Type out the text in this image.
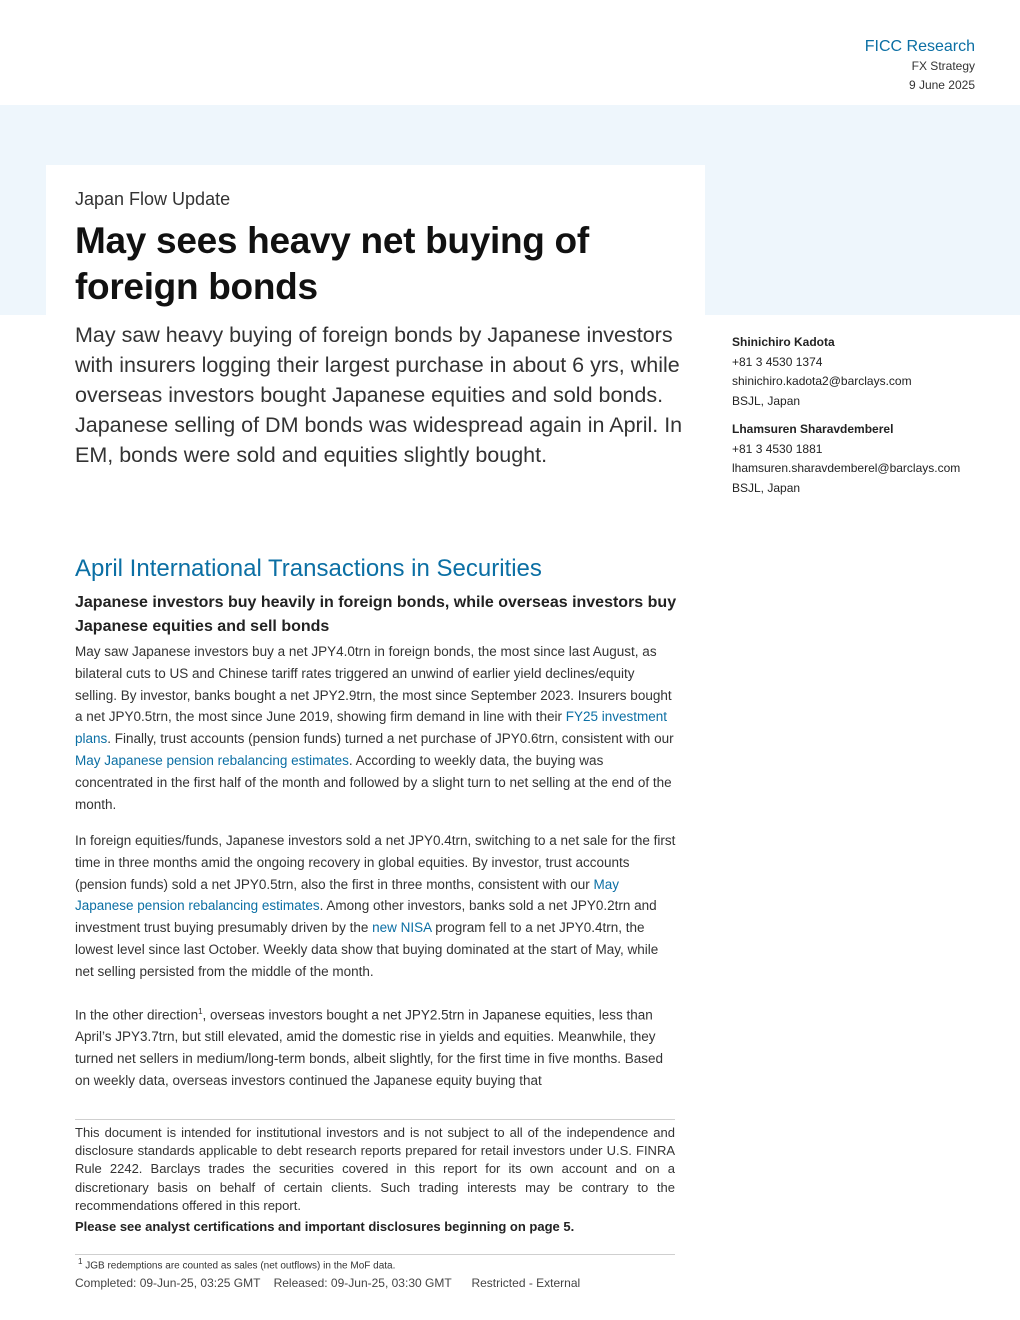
FICC Research
FX Strategy
9 June 2025
Japan Flow Update
May sees heavy net buying of foreign bonds

May saw heavy buying of foreign bonds by Japanese investors with insurers logging their largest purchase in about 6 yrs, while overseas investors bought Japanese equities and sold bonds. Japanese selling of DM bonds was widespread again in April. In EM, bonds were sold and equities slightly bought.

Shinichiro Kadota
+81 3 4530 1374
shinichiro.kadota2@barclays.com
BSJL, Japan
Lhamsuren Sharavdemberel
+81 3 4530 1881
lhamsuren.sharavdemberel@barclays.com
BSJL, Japan
April International Transactions in Securities
Japanese investors buy heavily in foreign bonds, while overseas investors buy Japanese equities and sell bonds

May saw Japanese investors buy a net JPY4.0trn in foreign bonds, the most since last August, as bilateral cuts to US and Chinese tariff rates triggered an unwind of earlier yield declines/equity selling. By investor, banks bought a net JPY2.9trn, the most since September 2023. Insurers bought a net JPY0.5trn, the most since June 2019, showing firm demand in line with their FY25 investment plans. Finally, trust accounts (pension funds) turned a net purchase of JPY0.6trn, consistent with our May Japanese pension rebalancing estimates. According to weekly data, the buying was concentrated in the first half of the month and followed by a slight turn to net selling at the end of the month.

In foreign equities/funds, Japanese investors sold a net JPY0.4trn, switching to a net sale for the first time in three months amid the ongoing recovery in global equities. By investor, trust accounts (pension funds) sold a net JPY0.5trn, also the first in three months, consistent with our May Japanese pension rebalancing estimates. Among other investors, banks sold a net JPY0.2trn and investment trust buying presumably driven by the new NISA program fell to a net JPY0.4trn, the lowest level since last October. Weekly data show that buying dominated at the start of May, while net selling persisted from the middle of the month.

In the other direction$^1$, overseas investors bought a net JPY2.5trn in Japanese equities, less than April’s JPY3.7trn, but still elevated, amid the domestic rise in yields and equities. Meanwhile, they turned net sellers in medium/long-term bonds, albeit slightly, for the first time in five months. Based on weekly data, overseas investors continued the Japanese equity buying that

This document is intended for institutional investors and is not subject to all of the independence and disclosure standards applicable to debt research reports prepared for retail investors under U.S. FINRA Rule 2242. Barclays trades the securities covered in this report for its own account and on a discretionary basis on behalf of certain clients. Such trading interests may be contrary to the recommendations offered in this report.
Please see analyst certifications and important disclosures beginning on page 5.
$^1$ JGB redemptions are counted as sales (net outflows) in the MoF data.
Completed: 09-Jun-25, 03:25 GMT Released: 09-Jun-25, 03:30 GMT Restricted - External
